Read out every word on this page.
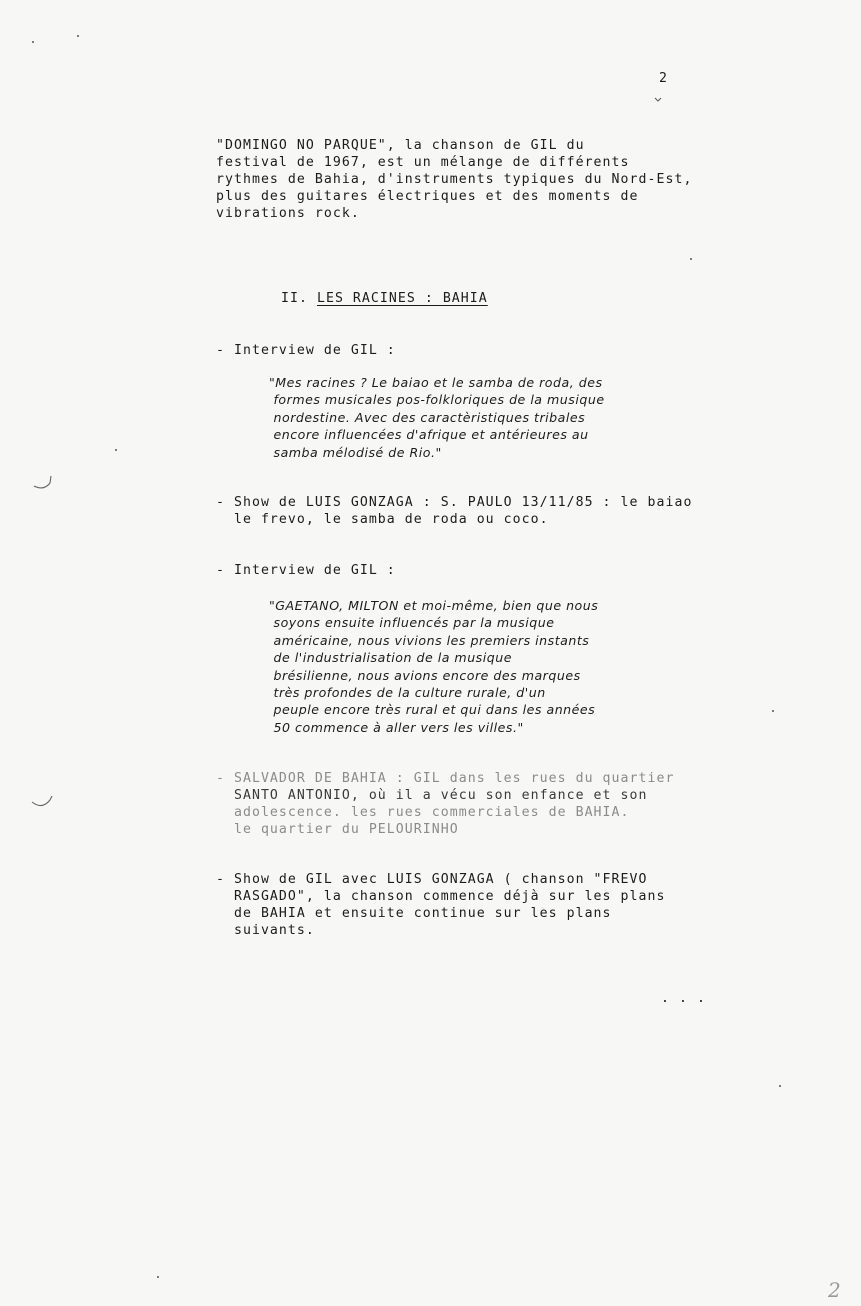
2
"DOMINGO NO PARQUE", la chanson de GIL du
festival de 1967, est un mélange de différents
rythmes de Bahia, d'instruments typiques du Nord-Est,
plus des guitares électriques et des moments de
vibrations rock.
II. LES RACINES : BAHIA
- Interview de GIL :
"Mes racines ? Le baiao et le samba de roda, des
formes musicales pos-folkloriques de la musique
nordestine. Avec des caractèristiques tribales
encore influencées d'afrique et antérieures au
samba mélodisé de Rio."
- Show de LUIS GONZAGA : S. PAULO 13/11/85 : le baiao
le frevo, le samba de roda ou coco.
- Interview de GIL :
"GAETANO, MILTON et moi-même, bien que nous
soyons ensuite influencés par la musique
américaine, nous vivions les premiers instants
de l'industrialisation de la musique
brésilienne, nous avions encore des marques
très profondes de la culture rurale, d'un
peuple encore très rural et qui dans les années
50 commence à aller vers les villes."
- SALVADOR DE BAHIA : GIL dans les rues du quartier
SANTO ANTONIO, où il a vécu son enfance et son
adolescence. les rues commerciales de BAHIA.
le quartier du PELOURINHO
- Show de GIL avec LUIS GONZAGA ( chanson "FREVO
RASGADO", la chanson commence déjà sur les plans
de BAHIA et ensuite continue sur les plans
suivants.
. . .
2
